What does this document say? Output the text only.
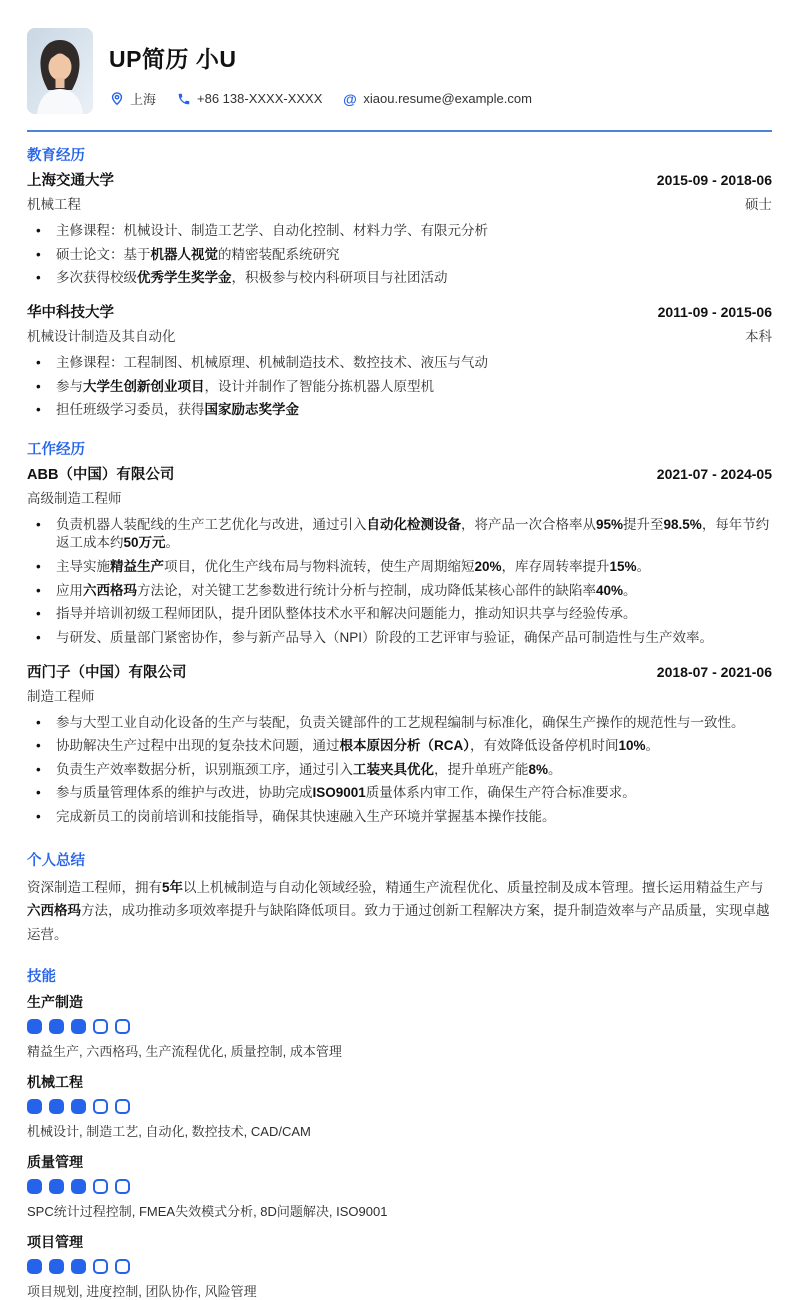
UP简历 小U
上海	+86 138-XXXX-XXXX @ xiaou.resume@example.com
教育经历
上海交通大学	2015-09 - 2018-06
机械工程	硕士
• 主修课程：机械设计、制造工艺学、自动化控制、材料力学、有限元分析
• 硕士论文：基于机器人视觉的精密装配系统研究
• 多次获得校级优秀学生奖学金，积极参与校内科研项目与社团活动
华中科技大学	2011-09 - 2015-06
机械设计制造及其自动化	本科
• 主修课程：工程制图、机械原理、机械制造技术、数控技术、液压与气动
• 参与大学生创新创业项目，设计并制作了智能分拣机器人原型机
• 担任班级学习委员，获得国家励志奖学金
工作经历
ABB（中国）有限公司	2021-07 - 2024-05
高级制造工程师
• 负责机器人装配线的生产工艺优化与改进，通过引入自动化检测设备，将产品一次合格率从95%提升至98.5%，每年节约返工成本约50万元。
• 主导实施精益生产项目，优化生产线布局与物料流转，使生产周期缩短20%，库存周转率提升15%。
• 应用六西格玛方法论，对关键工艺参数进行统计分析与控制，成功降低某核心部件的缺陷率40%。
• 指导并培训初级工程师团队，提升团队整体技术水平和解决问题能力，推动知识共享与经验传承。
• 与研发、质量部门紧密协作，参与新产品导入（NPI）阶段的工艺评审与验证，确保产品可制造性与生产效率。
西门子（中国）有限公司	2018-07 - 2021-06
制造工程师
• 参与大型工业自动化设备的生产与装配，负责关键部件的工艺规程编制与标准化，确保生产操作的规范性与一致性。
• 协助解决生产过程中出现的复杂技术问题，通过根本原因分析（RCA），有效降低设备停机时间10%。
• 负责生产效率数据分析，识别瓶颈工序，通过引入工装夹具优化，提升单班产能8%。
• 参与质量管理体系的维护与改进，协助完成ISO9001质量体系内审工作，确保生产符合标准要求。
• 完成新员工的岗前培训和技能指导，确保其快速融入生产环境并掌握基本操作技能。
个人总结

资深制造工程师，拥有5年以上机械制造与自动化领域经验，精通生产流程优化、质量控制及成本管理。擅长运用精益生产与六西格玛方法，成功推动多项效率提升与缺陷降低项目。致力于通过创新工程解决方案，提升制造效率与产品质量，实现卓越运营。

技能
生产制造
精益生产, 六西格玛, 生产流程优化, 质量控制, 成本管理
机械工程
机械设计, 制造工艺, 自动化, 数控技术, CAD/CAM
质量管理
SPC统计过程控制, FMEA失效模式分析, 8D问题解决, ISO9001
项目管理
项目规划, 进度控制, 团队协作, 风险管理
